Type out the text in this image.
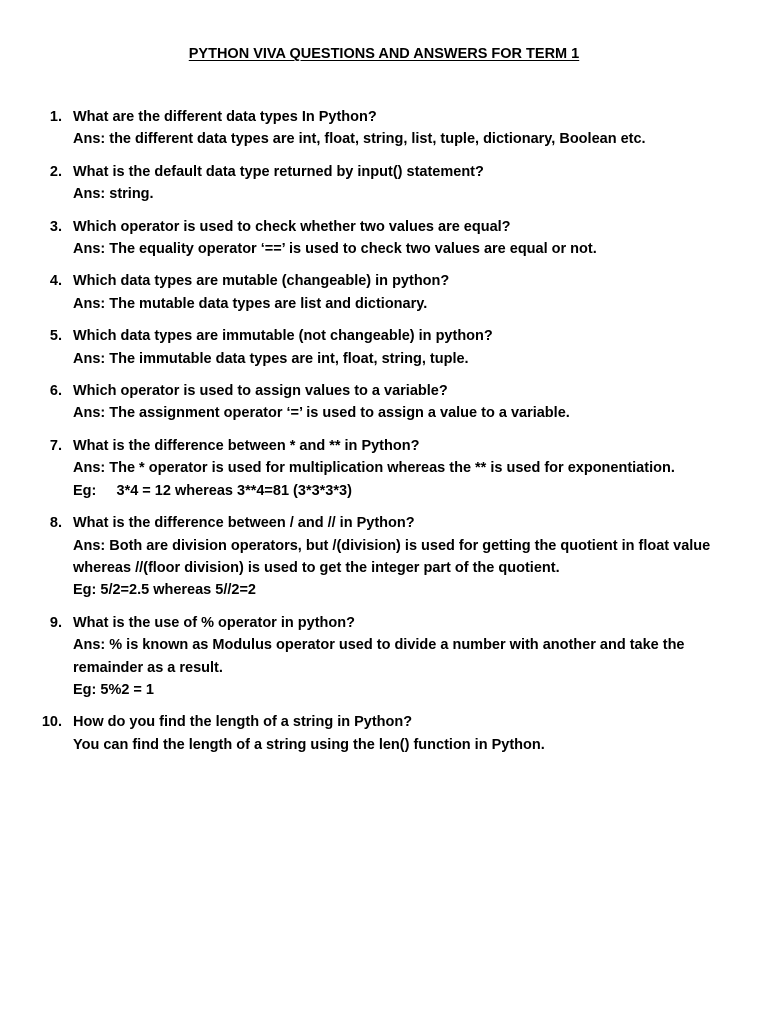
PYTHON VIVA QUESTIONS AND ANSWERS FOR TERM 1
1. What are the different data types In Python?
Ans: the different data types are int, float, string, list, tuple, dictionary, Boolean etc.
2. What is the default data type returned by input() statement?
Ans: string.
3. Which operator is used to check whether two values are equal?
Ans: The equality operator ‘==’ is used to check two values are equal or not.
4. Which data types are mutable (changeable) in python?
Ans: The mutable data types are list and dictionary.
5. Which data types are immutable (not changeable) in python?
Ans: The immutable data types are int, float, string, tuple.
6. Which operator is used to assign values to a variable?
Ans: The assignment operator ‘=’ is used to assign a value to a variable.
7. What is the difference between * and ** in Python?
Ans: The * operator is used for multiplication whereas the ** is used for exponentiation.
Eg:     3*4 = 12 whereas 3**4=81 (3*3*3*3)
8. What is the difference between / and // in Python?
Ans: Both are division operators, but /(division) is used for getting the quotient in float value whereas //(floor division) is used to get the integer part of the quotient.
Eg: 5/2=2.5 whereas 5//2=2
9. What is the use of % operator in python?
Ans: % is known as Modulus operator used to divide a number with another and take the remainder as a result.
Eg: 5%2 = 1
10. How do you find the length of a string in Python?
You can find the length of a string using the len() function in Python.
